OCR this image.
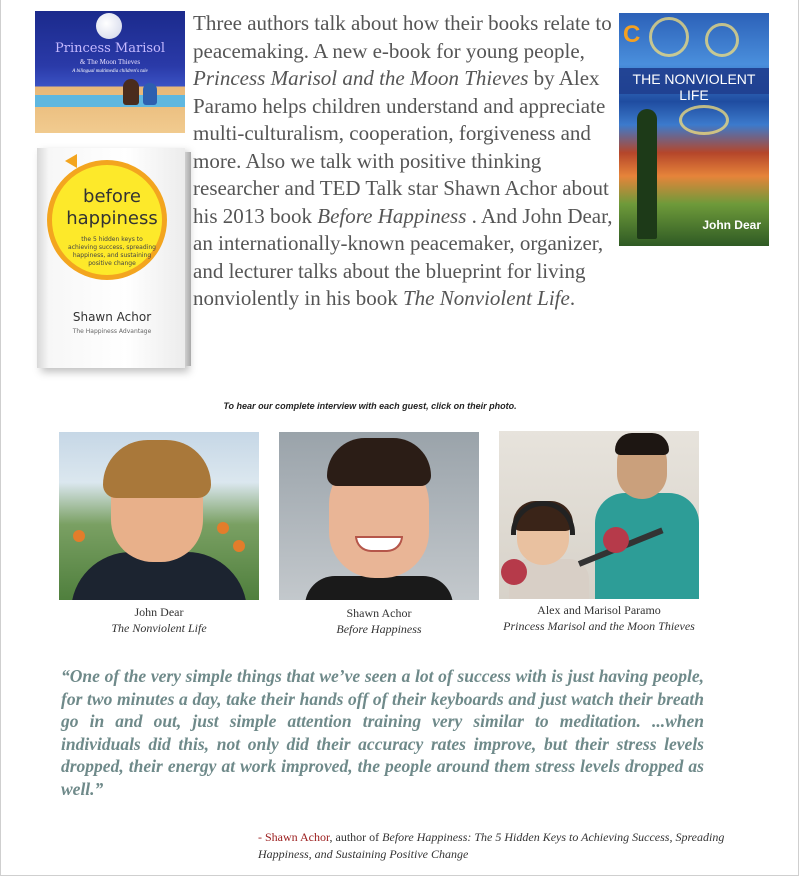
Princess Marisol
& The Moon Thieves
A bilingual multimedia children's tale
before
happiness
the 5 hidden keys to achieving success, spreading happiness, and sustaining positive change
Shawn Achor
The Happiness Advantage
C
THE NONVIOLENT LIFE
John Dear

Three authors talk about how their books relate to peacemaking. A new e-book for young people, Princess Marisol and the Moon Thieves by Alex Paramo helps children understand and appreciate multi-culturalism, cooperation, forgiveness and more. Also we talk with positive thinking researcher and TED Talk star Shawn Achor about his 2013 book Before Happiness . And John Dear, an internationally-known peacemaker, organizer, and lecturer talks about the blueprint for living nonviolently in his book The Nonviolent Life.

To hear our complete interview with each guest, click on their photo.
John Dear
The Nonviolent Life
Shawn Achor
Before Happiness
Alex and Marisol Paramo
Princess Marisol and the Moon Thieves

“One of the very simple things that we’ve seen a lot of success with is just having people, for two minutes a day, take their hands off of their keyboards and just watch their breath go in and out, just simple attention training very similar to meditation. ...when individuals did this, not only did their accuracy rates improve, but their stress levels dropped, their energy at work improved, the people around them stress levels dropped as well.”

- Shawn Achor, author of Before Happiness: The 5 Hidden Keys to Achieving Success, Spreading Happiness, and Sustaining Positive Change
